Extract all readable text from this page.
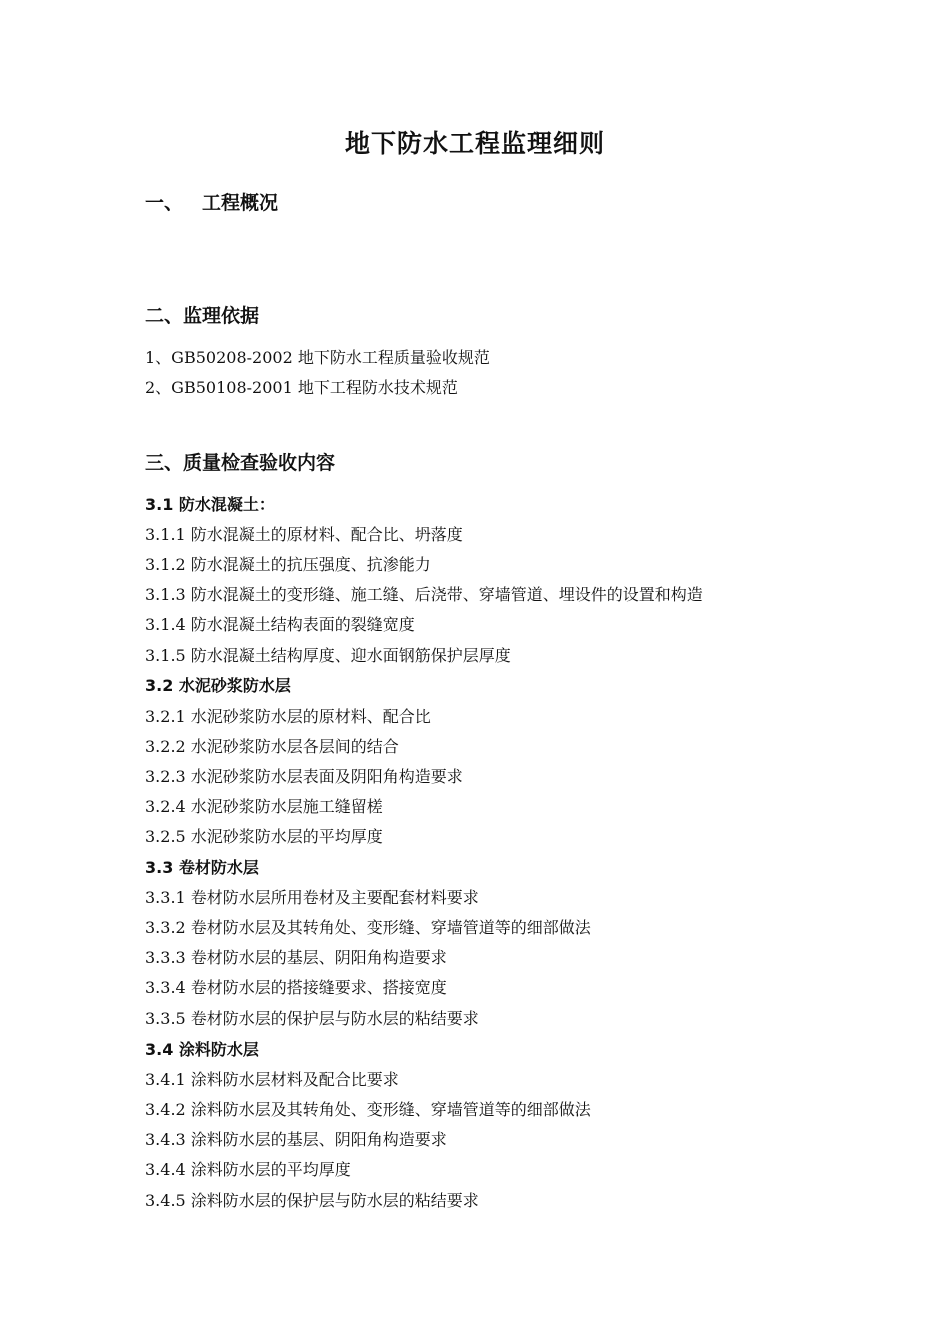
地下防水工程监理细则
一、 工程概况
二、监理依据
1、GB50208-2002 地下防水工程质量验收规范
2、GB50108-2001 地下工程防水技术规范
三、质量检查验收内容
3.1 防水混凝土：
3.1.1 防水混凝土的原材料、配合比、坍落度
3.1.2 防水混凝土的抗压强度、抗渗能力
3.1.3 防水混凝土的变形缝、施工缝、后浇带、穿墙管道、埋设件的设置和构造
3.1.4 防水混凝土结构表面的裂缝宽度
3.1.5 防水混凝土结构厚度、迎水面钢筋保护层厚度
3.2 水泥砂浆防水层
3.2.1 水泥砂浆防水层的原材料、配合比
3.2.2 水泥砂浆防水层各层间的结合
3.2.3 水泥砂浆防水层表面及阴阳角构造要求
3.2.4 水泥砂浆防水层施工缝留槎
3.2.5 水泥砂浆防水层的平均厚度
3.3 卷材防水层
3.3.1 卷材防水层所用卷材及主要配套材料要求
3.3.2 卷材防水层及其转角处、变形缝、穿墙管道等的细部做法
3.3.3 卷材防水层的基层、阴阳角构造要求
3.3.4 卷材防水层的搭接缝要求、搭接宽度
3.3.5 卷材防水层的保护层与防水层的粘结要求
3.4 涂料防水层
3.4.1 涂料防水层材料及配合比要求
3.4.2 涂料防水层及其转角处、变形缝、穿墙管道等的细部做法
3.4.3 涂料防水层的基层、阴阳角构造要求
3.4.4 涂料防水层的平均厚度
3.4.5 涂料防水层的保护层与防水层的粘结要求
